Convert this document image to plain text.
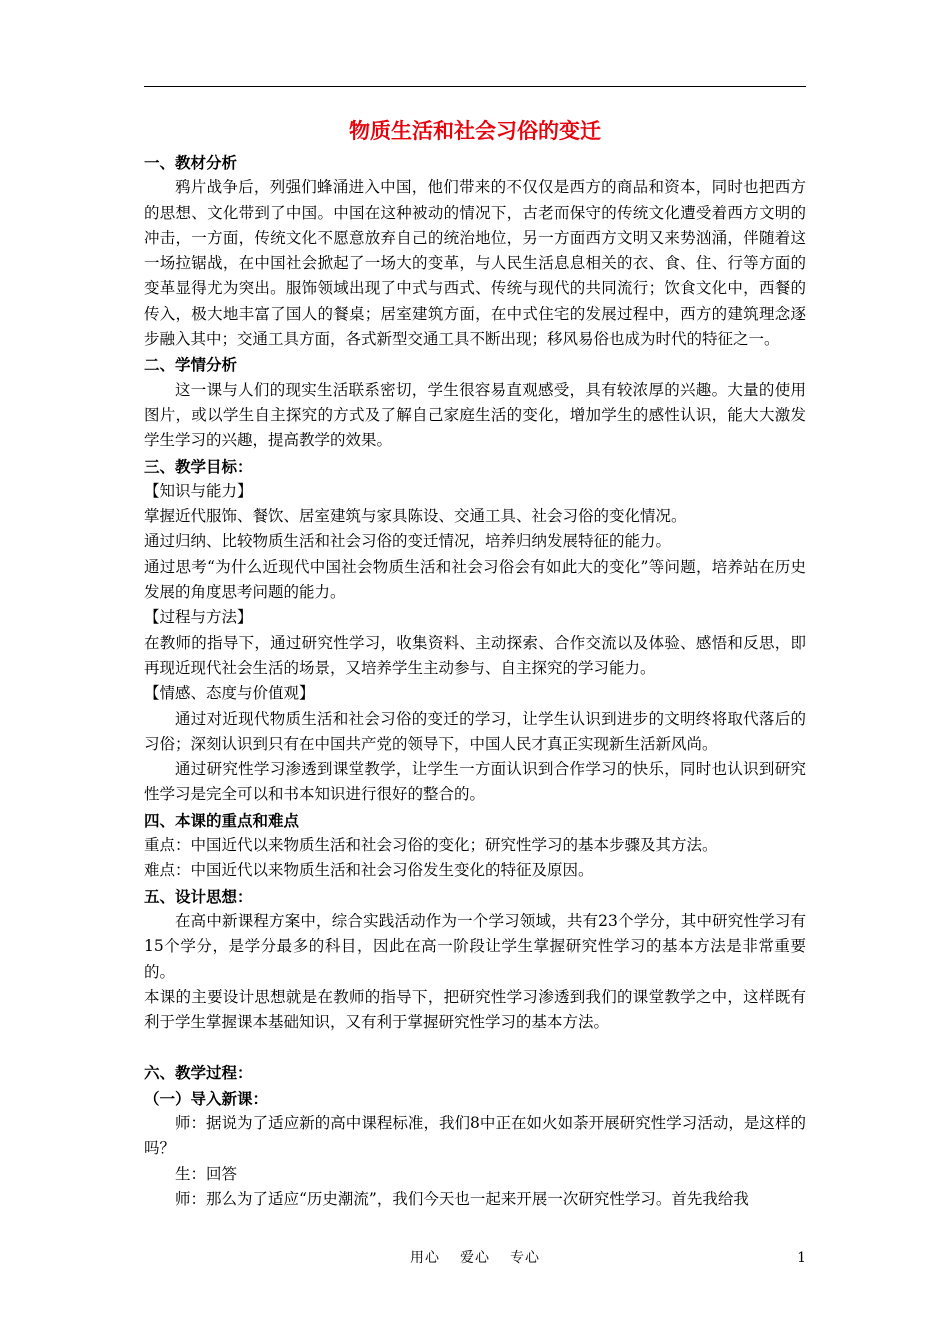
物质生活和社会习俗的变迁

一、教材分析

鸦片战争后，列强们蜂涌进入中国，他们带来的不仅仅是西方的商品和资本，同时也把西方的思想、文化带到了中国。中国在这种被动的情况下，古老而保守的传统文化遭受着西方文明的冲击，一方面，传统文化不愿意放弃自己的统治地位，另一方面西方文明又来势汹涌，伴随着这一场拉锯战，在中国社会掀起了一场大的变革，与人民生活息息相关的衣、食、住、行等方面的变革显得尤为突出。服饰领域出现了中式与西式、传统与现代的共同流行；饮食文化中，西餐的传入，极大地丰富了国人的餐桌；居室建筑方面，在中式住宅的发展过程中，西方的建筑理念逐步融入其中；交通工具方面，各式新型交通工具不断出现；移风易俗也成为时代的特征之一。

二、学情分析

这一课与人们的现实生活联系密切，学生很容易直观感受，具有较浓厚的兴趣。大量的使用图片，或以学生自主探究的方式及了解自己家庭生活的变化，增加学生的感性认识，能大大激发学生学习的兴趣，提高教学的效果。

三、教学目标：

【知识与能力】

掌握近代服饰、餐饮、居室建筑与家具陈设、交通工具、社会习俗的变化情况。

通过归纳、比较物质生活和社会习俗的变迁情况，培养归纳发展特征的能力。

通过思考“为什么近现代中国社会物质生活和社会习俗会有如此大的变化”等问题，培养站在历史发展的角度思考问题的能力。

【过程与方法】

在教师的指导下，通过研究性学习，收集资料、主动探索、合作交流以及体验、感悟和反思，即再现近现代社会生活的场景，又培养学生主动参与、自主探究的学习能力。

【情感、态度与价值观】

通过对近现代物质生活和社会习俗的变迁的学习，让学生认识到进步的文明终将取代落后的习俗；深刻认识到只有在中国共产党的领导下，中国人民才真正实现新生活新风尚。

通过研究性学习渗透到课堂教学，让学生一方面认识到合作学习的快乐，同时也认识到研究性学习是完全可以和书本知识进行很好的整合的。

四、本课的重点和难点

重点：中国近代以来物质生活和社会习俗的变化；研究性学习的基本步骤及其方法。

难点：中国近代以来物质生活和社会习俗发生变化的特征及原因。

五、设计思想：

在高中新课程方案中，综合实践活动作为一个学习领域，共有23个学分，其中研究性学习有15个学分，是学分最多的科目，因此在高一阶段让学生掌握研究性学习的基本方法是非常重要的。

本课的主要设计思想就是在教师的指导下，把研究性学习渗透到我们的课堂教学之中，这样既有利于学生掌握课本基础知识，又有利于掌握研究性学习的基本方法。

六、教学过程：

（一）导入新课：

师：据说为了适应新的高中课程标准，我们8中正在如火如荼开展研究性学习活动，是这样的吗？

生：回答

师：那么为了适应“历史潮流”，我们今天也一起来开展一次研究性学习。首先我给我

用心 爱心 专心	1
